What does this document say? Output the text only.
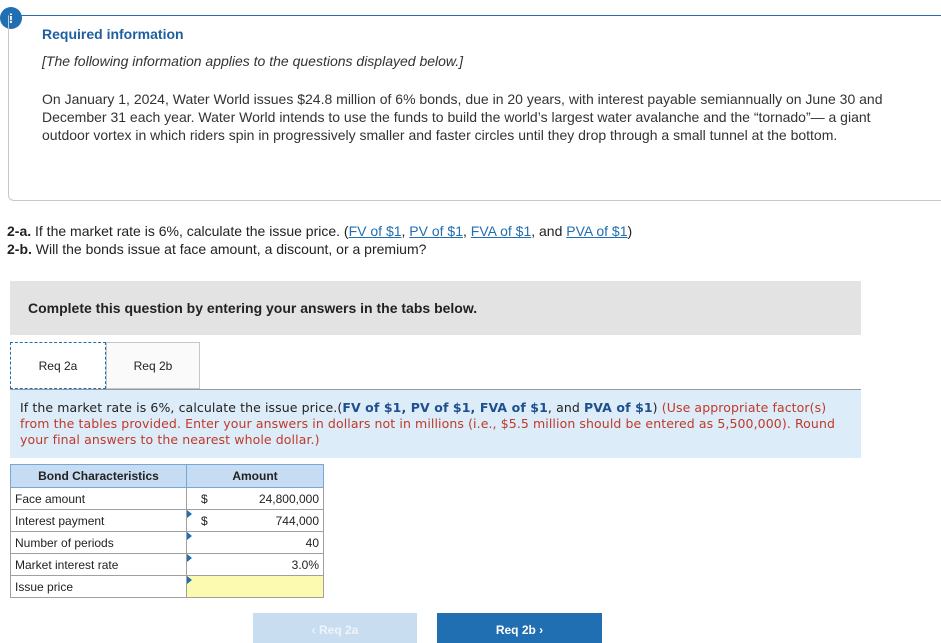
!
Required information
[The following information applies to the questions displayed below.]
On January 1, 2024, Water World issues $24.8 million of 6% bonds, due in 20 years, with interest payable semiannually on June 30 and December 31 each year. Water World intends to use the funds to build the world’s largest water avalanche and the “tornado”— a giant outdoor vortex in which riders spin in progressively smaller and faster circles until they drop through a small tunnel at the bottom.
2-a. If the market rate is 6%, calculate the issue price. (FV of $1, PV of $1, FVA of $1, and PVA of $1)
2-b. Will the bonds issue at face amount, a discount, or a premium?
Complete this question by entering your answers in the tabs below.
Req 2a	Req 2b
If the market rate is 6%, calculate the issue price.(FV of $1, PV of $1, FVA of $1, and PVA of $1) (Use appropriate factor(s) from the tables provided. Enter your answers in dollars not in millions (i.e., $5.5 million should be entered as 5,500,000). Round your final answers to the nearest whole dollar.)
Bond Characteristics	Amount
Face amount	$ 24,800,000

Interest payment	$ 744,000

Number of periods	40

Market interest rate	3.0%

Issue price	
‹ Req 2a	Req 2b ›
